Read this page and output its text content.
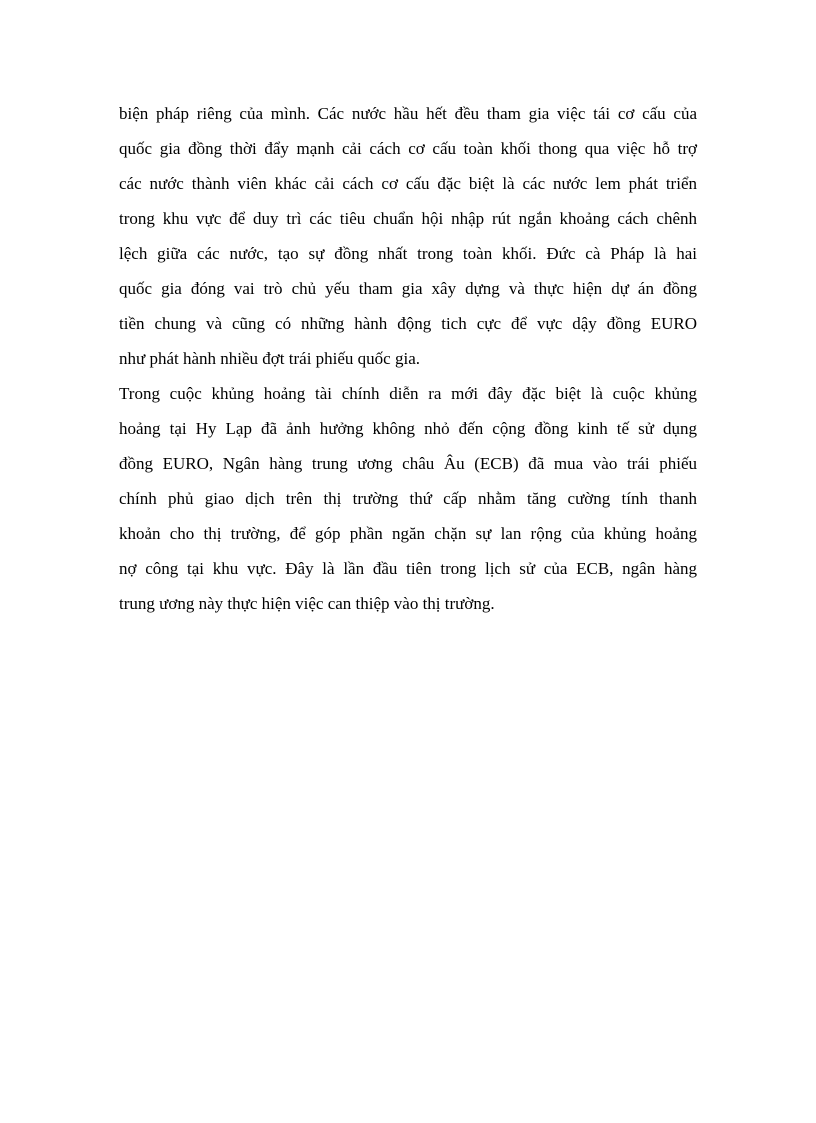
biện pháp riêng của mình. Các nước hầu hết đều tham gia việc tái cơ cấu của
quốc gia đồng thời đẩy mạnh cải cách cơ cấu toàn khối thong qua việc hỗ trợ
các nước thành viên khác cải cách cơ cấu đặc biệt là các nước lem phát triển
trong khu vực để duy trì các tiêu chuẩn hội nhập rút ngắn khoảng cách chênh
lệch giữa các nước, tạo sự đồng nhất trong toàn khối. Đức cà Pháp là hai
quốc gia đóng vai trò chủ yếu tham gia xây dựng và thực hiện dự án đồng
tiền chung và cũng có những hành động tich cực để vực dậy đồng EURO
như phát hành nhiều đợt trái phiếu quốc gia.
Trong cuộc khủng hoảng tài chính diễn ra mới đây đặc biệt là cuộc khủng
hoảng tại Hy Lạp đã ảnh hưởng không nhỏ đến cộng đồng kinh tế sử dụng
đồng EURO, Ngân hàng trung ương châu Âu (ECB) đã mua vào trái phiếu
chính phủ giao dịch trên thị trường thứ cấp nhằm tăng cường tính thanh
khoản cho thị trường, để góp phần ngăn chặn sự lan rộng của khủng hoảng
nợ công tại khu vực. Đây là lần đầu tiên trong lịch sử của ECB, ngân hàng
trung ương này thực hiện việc can thiệp vào thị trường.
